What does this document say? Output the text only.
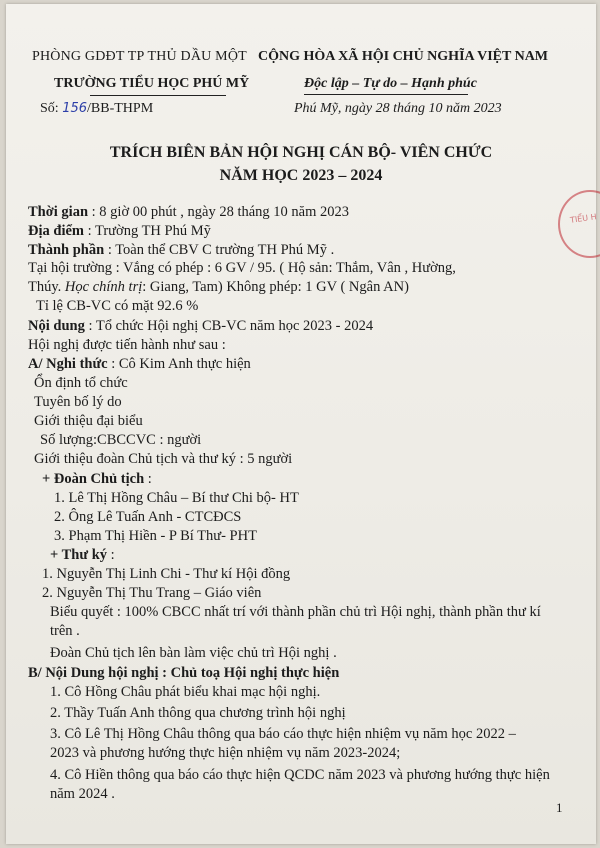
PHÒNG GDĐT TP THỦ DẦU MỘT
TRƯỜNG TIỂU HỌC PHÚ MỸ
Số: 156/BB-THPM
CỘNG HÒA XÃ HỘI CHỦ NGHĨA VIỆT NAM
Độc lập – Tự do – Hạnh phúc
Phú Mỹ, ngày 28 tháng 10 năm 2023
TRÍCH BIÊN BẢN HỘI NGHỊ CÁN BỘ- VIÊN CHỨC
NĂM HỌC 2023 – 2024
TIỂU H
Thời gian : 8 giờ 00 phút , ngày 28 tháng 10 năm 2023
Địa điểm : Trường TH Phú Mỹ
Thành phần : Toàn thể CBV C trường TH Phú Mỹ .
Tại hội trường : Vắng có phép : 6 GV / 95. ( Hộ sản: Thắm, Vân , Hường,
Thúy. Học chính trị: Giang, Tam) Không phép: 1 GV ( Ngân AN)
Tỉ lệ CB-VC có mặt 92.6 %
Nội dung : Tổ chức Hội nghị CB-VC năm học 2023 - 2024
Hội nghị được tiến hành như sau :
A/ Nghi thức : Cô Kim Anh thực hiện
Ổn định tổ chức
Tuyên bố lý do
Giới thiệu đại biểu
Số lượng:CBCCVC : người
Giới thiệu đoàn Chủ tịch và thư ký : 5 người
+ Đoàn Chủ tịch :
1. Lê Thị Hồng Châu – Bí thư Chi bộ- HT
2. Ông Lê Tuấn Anh - CTCĐCS
3. Phạm Thị Hiền - P Bí Thư- PHT
+ Thư ký :
1. Nguyễn Thị Linh Chi - Thư kí Hội đồng
2. Nguyễn Thị Thu Trang – Giáo viên
Biểu quyết : 100% CBCC nhất trí với thành phần chủ trì Hội nghị, thành phần thư kí
trên .
Đoàn Chủ tịch lên bàn làm việc chủ trì Hội nghị .
B/ Nội Dung hội nghị : Chủ toạ Hội nghị thực hiện
1. Cô Hồng Châu phát biểu khai mạc hội nghị.
2. Thầy Tuấn Anh thông qua chương trình hội nghị
3. Cô Lê Thị Hồng Châu thông qua báo cáo thực hiện nhiệm vụ năm học 2022 –
2023 và phương hướng thực hiện nhiệm vụ năm 2023-2024;
4. Cô Hiền thông qua báo cáo thực hiện QCDC năm 2023 và phương hướng thực hiện
năm 2024 .
1
